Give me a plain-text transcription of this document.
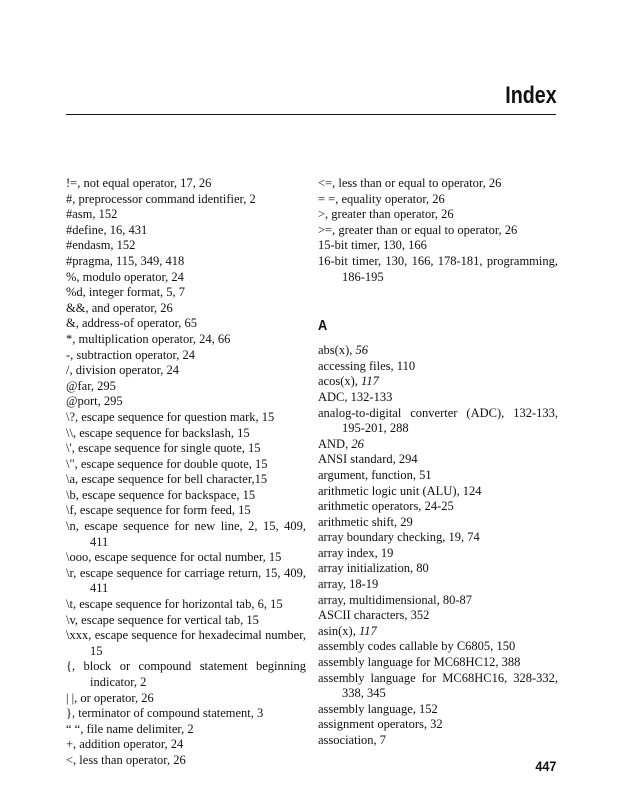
Index
!=, not equal operator, 17, 26
#, preprocessor command identifier, 2
#asm, 152
#define, 16, 431
#endasm, 152
#pragma, 115, 349, 418
%, modulo operator, 24
%d, integer format, 5, 7
&&, and operator, 26
&, address-of operator, 65
*, multiplication operator, 24, 66
-, subtraction operator, 24
/, division operator, 24
@far, 295
@port, 295
\?, escape sequence for question mark, 15
\\, escape sequence for backslash, 15
\', escape sequence for single quote, 15
\", escape sequence for double quote, 15
\a, escape sequence for bell character,15
\b, escape sequence for backspace, 15
\f, escape sequence for form feed, 15
\n, escape sequence for new line, 2, 15, 409, 411
\ooo, escape sequence for octal number, 15
\r, escape sequence for carriage return, 15, 409, 411
\t, escape sequence for horizontal tab, 6, 15
\v, escape sequence for vertical tab, 15
\xxx, escape sequence for hexadecimal number, 15
{, block or compound statement beginning indicator, 2
| |, or operator, 26
}, terminator of compound statement, 3
“ “, file name delimiter, 2
+, addition operator, 24
<, less than operator, 26
<=, less than or equal to operator, 26
= =, equality operator, 26
>, greater than operator, 26
>=, greater than or equal to operator, 26
15-bit timer, 130, 166
16-bit timer, 130, 166, 178-181, programming, 186-195
A
abs(x), 56
accessing files, 110
acos(x), 117
ADC, 132-133
analog-to-digital converter (ADC), 132-133, 195-201, 288
AND, 26
ANSI standard, 294
argument, function, 51
arithmetic logic unit (ALU), 124
arithmetic operators, 24-25
arithmetic shift, 29
array boundary checking, 19, 74
array index, 19
array initialization, 80
array, 18-19
array, multidimensional, 80-87
ASCII characters, 352
asin(x), 117
assembly codes callable by C6805, 150
assembly language for MC68HC12, 388
assembly language for MC68HC16, 328-332, 338, 345
assembly language, 152
assignment operators, 32
association, 7
447
